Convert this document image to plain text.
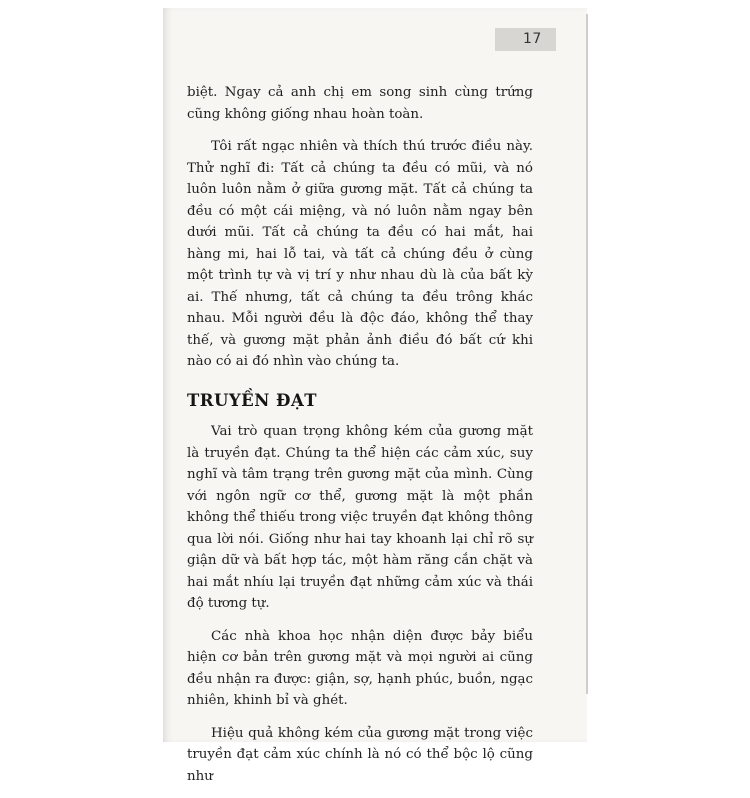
17

biệt. Ngay cả anh chị em song sinh cùng trứng cũng không giống nhau hoàn toàn.

Tôi rất ngạc nhiên và thích thú trước điều này. Thử nghĩ đi: Tất cả chúng ta đều có mũi, và nó luôn luôn nằm ở giữa gương mặt. Tất cả chúng ta đều có một cái miệng, và nó luôn nằm ngay bên dưới mũi. Tất cả chúng ta đều có hai mắt, hai hàng mi, hai lỗ tai, và tất cả chúng đều ở cùng một trình tự và vị trí y như nhau dù là của bất kỳ ai. Thế nhưng, tất cả chúng ta đều trông khác nhau. Mỗi người đều là độc đáo, không thể thay thế, và gương mặt phản ảnh điều đó bất cứ khi nào có ai đó nhìn vào chúng ta.

TRUYỀN ĐẠT

Vai trò quan trọng không kém của gương mặt là truyền đạt. Chúng ta thể hiện các cảm xúc, suy nghĩ và tâm trạng trên gương mặt của mình. Cùng với ngôn ngữ cơ thể, gương mặt là một phần không thể thiếu trong việc truyền đạt không thông qua lời nói. Giống như hai tay khoanh lại chỉ rõ sự giận dữ và bất hợp tác, một hàm răng cắn chặt và hai mắt nhíu lại truyền đạt những cảm xúc và thái độ tương tự.

Các nhà khoa học nhận diện được bảy biểu hiện cơ bản trên gương mặt và mọi người ai cũng đều nhận ra được: giận, sợ, hạnh phúc, buồn, ngạc nhiên, khinh bỉ và ghét.

Hiệu quả không kém của gương mặt trong việc truyền đạt cảm xúc chính là nó có thể bộc lộ cũng như
